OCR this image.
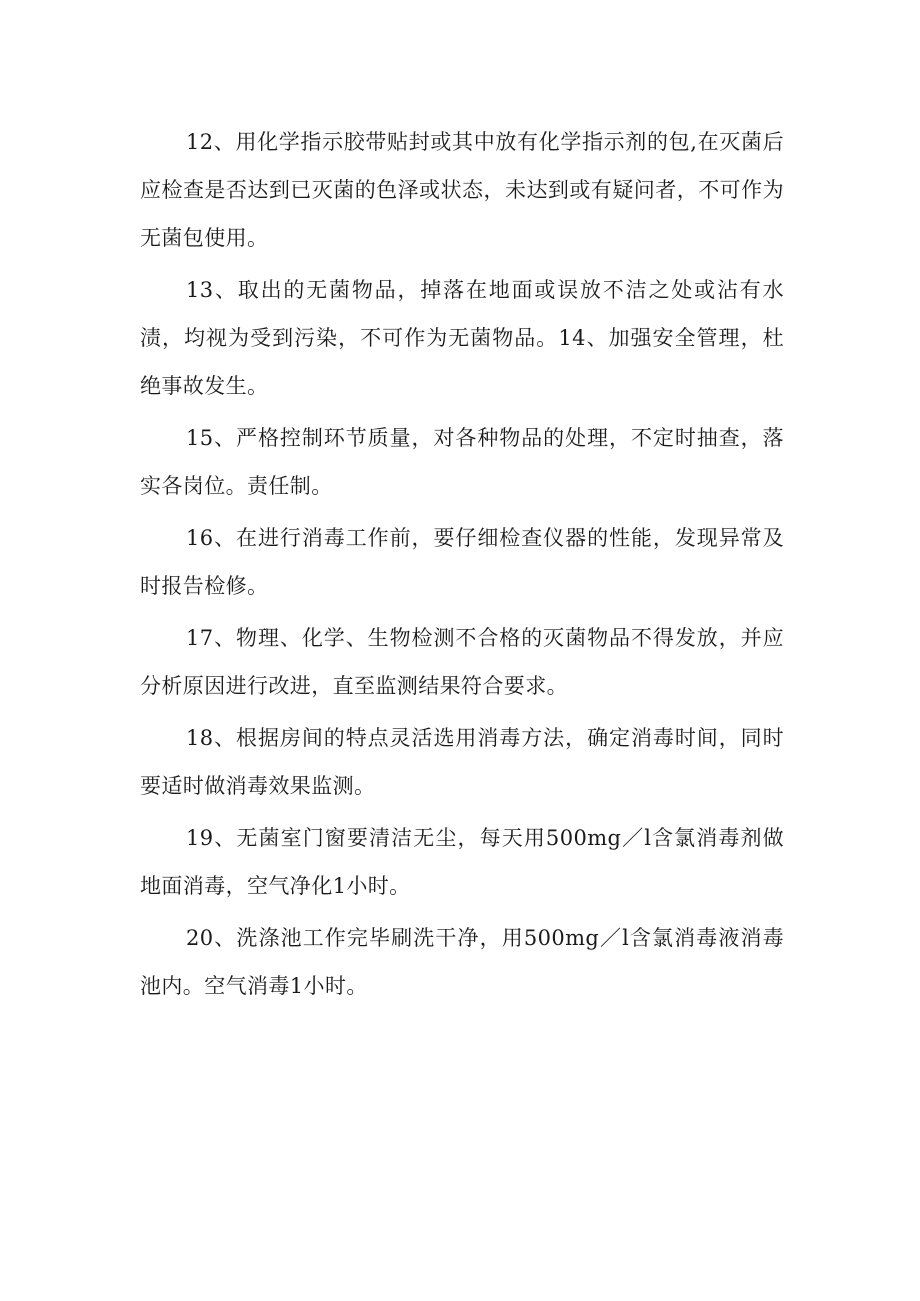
12、用化学指示胶带贴封或其中放有化学指示剂的包,在灭菌后应检查是否达到已灭菌的色泽或状态，未达到或有疑问者，不可作为无菌包使用。

13、取出的无菌物品，掉落在地面或误放不洁之处或沾有水渍，均视为受到污染，不可作为无菌物品。14、加强安全管理，杜绝事故发生。

15、严格控制环节质量，对各种物品的处理，不定时抽查，落实各岗位。责任制。

16、在进行消毒工作前，要仔细检查仪器的性能，发现异常及时报告检修。

17、物理、化学、生物检测不合格的灭菌物品不得发放，并应分析原因进行改进，直至监测结果符合要求。

18、根据房间的特点灵活选用消毒方法，确定消毒时间，同时要适时做消毒效果监测。

19、无菌室门窗要清洁无尘，每天用500mg／l含氯消毒剂做地面消毒，空气净化1小时。

20、洗涤池工作完毕刷洗干净，用500mg／l含氯消毒液消毒池内。空气消毒1小时。
